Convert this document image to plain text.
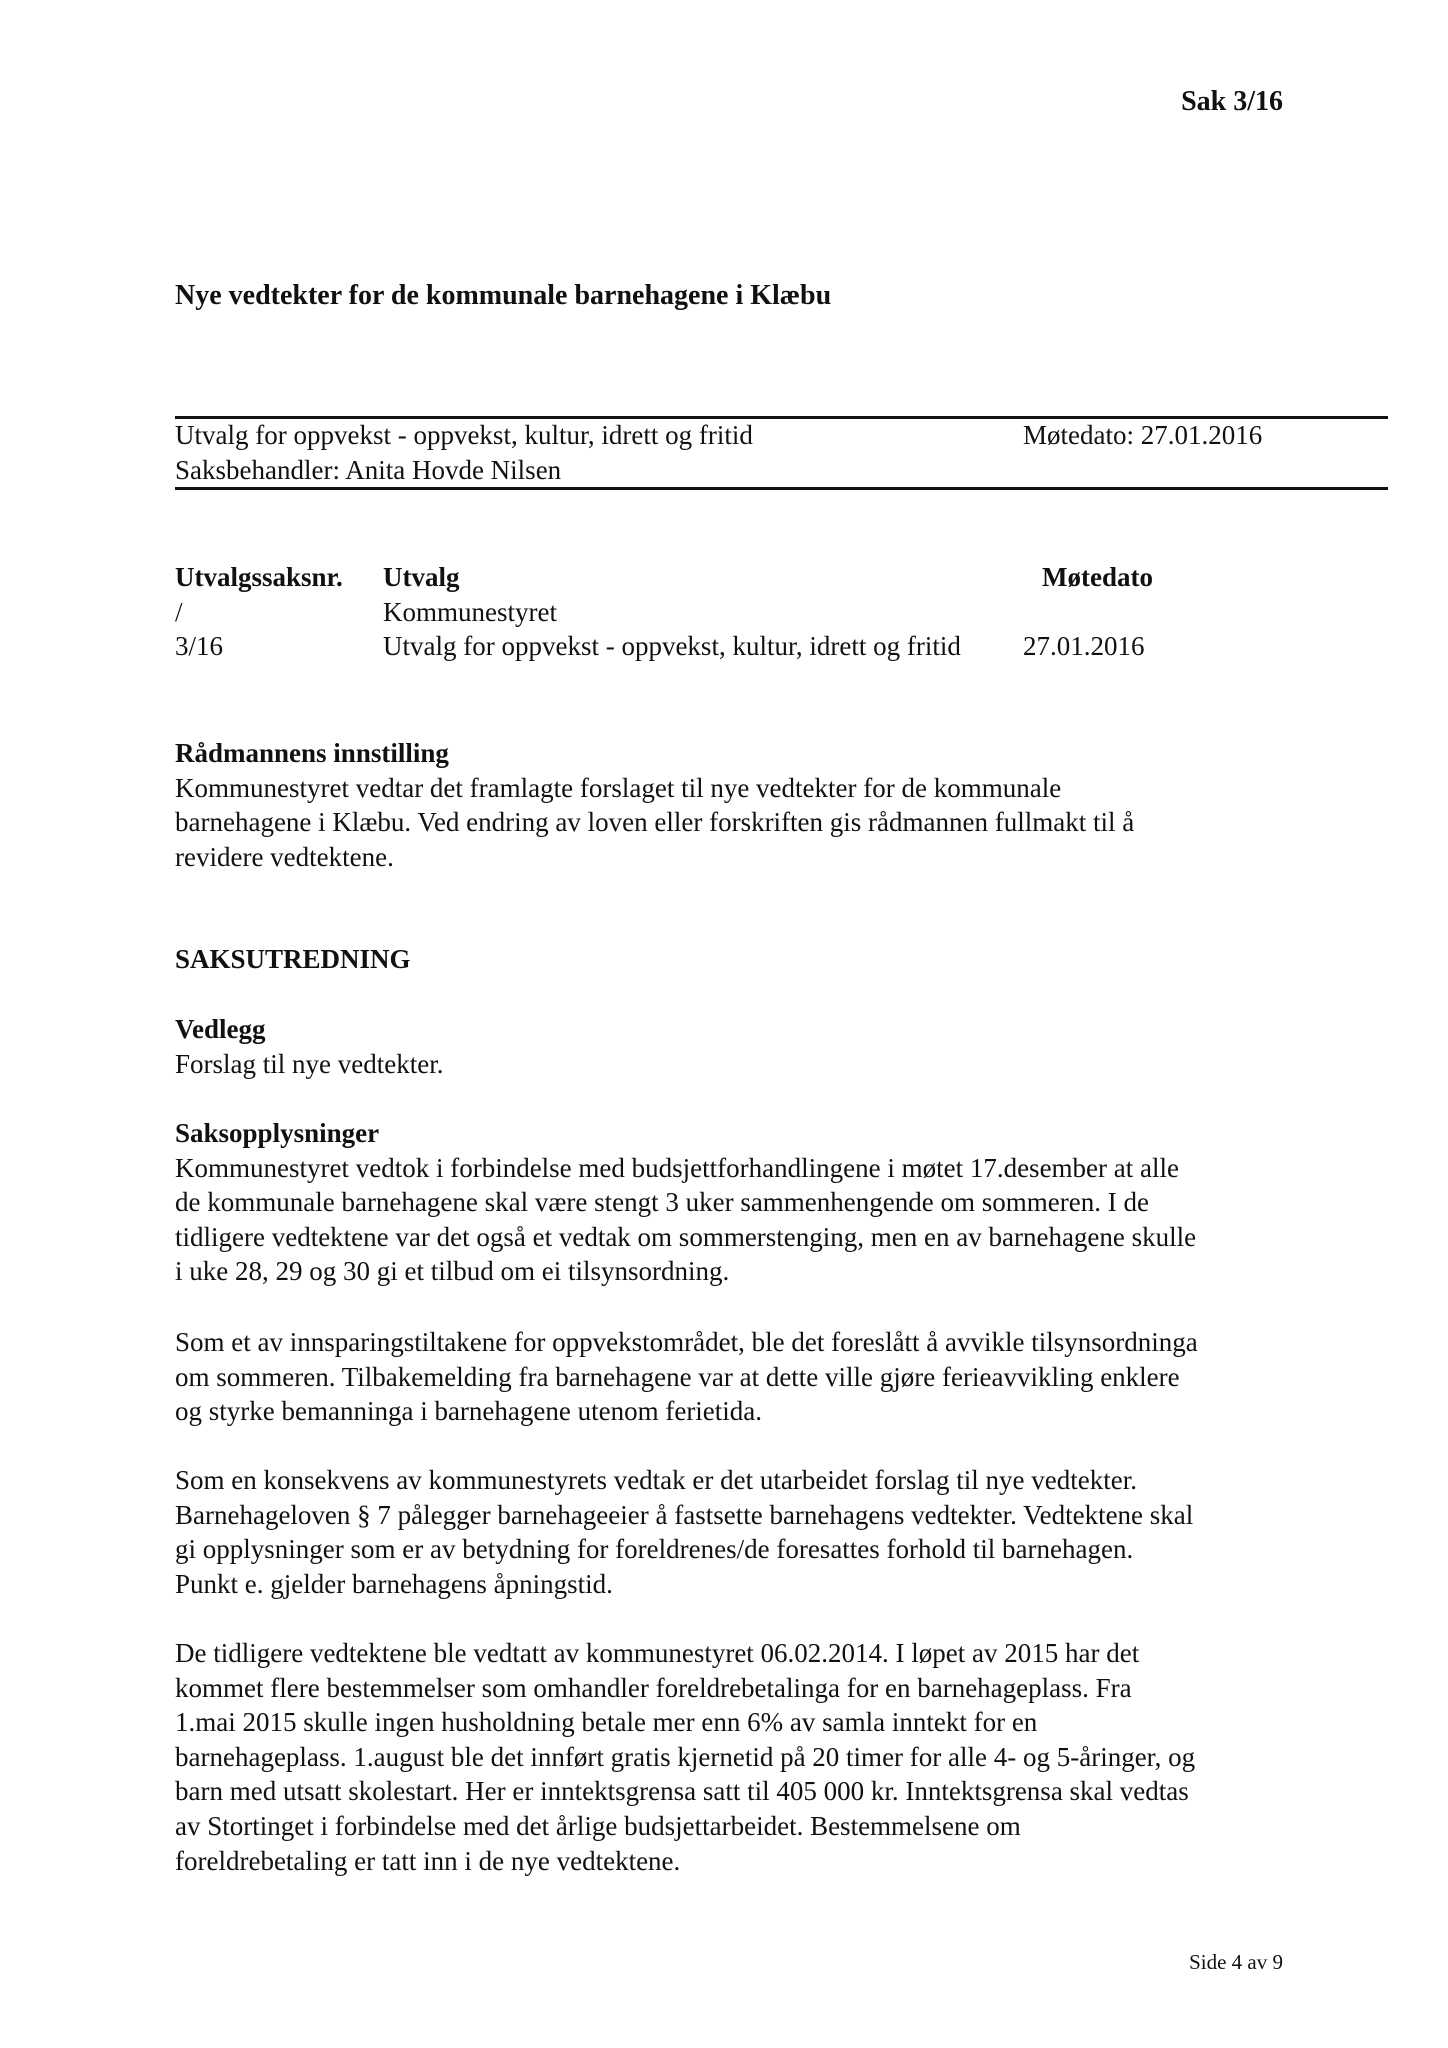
Sak 3/16
Nye vedtekter for de kommunale barnehagene i Klæbu
Utvalg for oppvekst - oppvekst, kultur, idrett og fritid	Møtedato: 27.01.2016
Saksbehandler: Anita Hovde Nilsen
Utvalgssaksnr. Utvalg	Møtedato
/	Kommunestyret
3/16	Utvalg for oppvekst - oppvekst, kultur, idrett og fritid 27.01.2016
Rådmannens innstilling
Kommunestyret vedtar det framlagte forslaget til nye vedtekter for de kommunale
barnehagene i Klæbu. Ved endring av loven eller forskriften gis rådmannen fullmakt til å
revidere vedtektene.
SAKSUTREDNING
Vedlegg
Forslag til nye vedtekter.
Saksopplysninger
Kommunestyret vedtok i forbindelse med budsjettforhandlingene i møtet 17.desember at alle
de kommunale barnehagene skal være stengt 3 uker sammenhengende om sommeren. I de
tidligere vedtektene var det også et vedtak om sommerstenging, men en av barnehagene skulle
i uke 28, 29 og 30 gi et tilbud om ei tilsynsordning.
Som et av innsparingstiltakene for oppvekstområdet, ble det foreslått å avvikle tilsynsordninga
om sommeren. Tilbakemelding fra barnehagene var at dette ville gjøre ferieavvikling enklere
og styrke bemanninga i barnehagene utenom ferietida.
Som en konsekvens av kommunestyrets vedtak er det utarbeidet forslag til nye vedtekter.
Barnehageloven § 7 pålegger barnehageeier å fastsette barnehagens vedtekter. Vedtektene skal
gi opplysninger som er av betydning for foreldrenes/de foresattes forhold til barnehagen.
Punkt e. gjelder barnehagens åpningstid.
De tidligere vedtektene ble vedtatt av kommunestyret 06.02.2014. I løpet av 2015 har det
kommet flere bestemmelser som omhandler foreldrebetalinga for en barnehageplass. Fra
1.mai 2015 skulle ingen husholdning betale mer enn 6% av samla inntekt for en
barnehageplass. 1.august ble det innført gratis kjernetid på 20 timer for alle 4- og 5-åringer, og
barn med utsatt skolestart. Her er inntektsgrensa satt til 405 000 kr. Inntektsgrensa skal vedtas
av Stortinget i forbindelse med det årlige budsjettarbeidet. Bestemmelsene om
foreldrebetaling er tatt inn i de nye vedtektene.
Side 4 av 9
